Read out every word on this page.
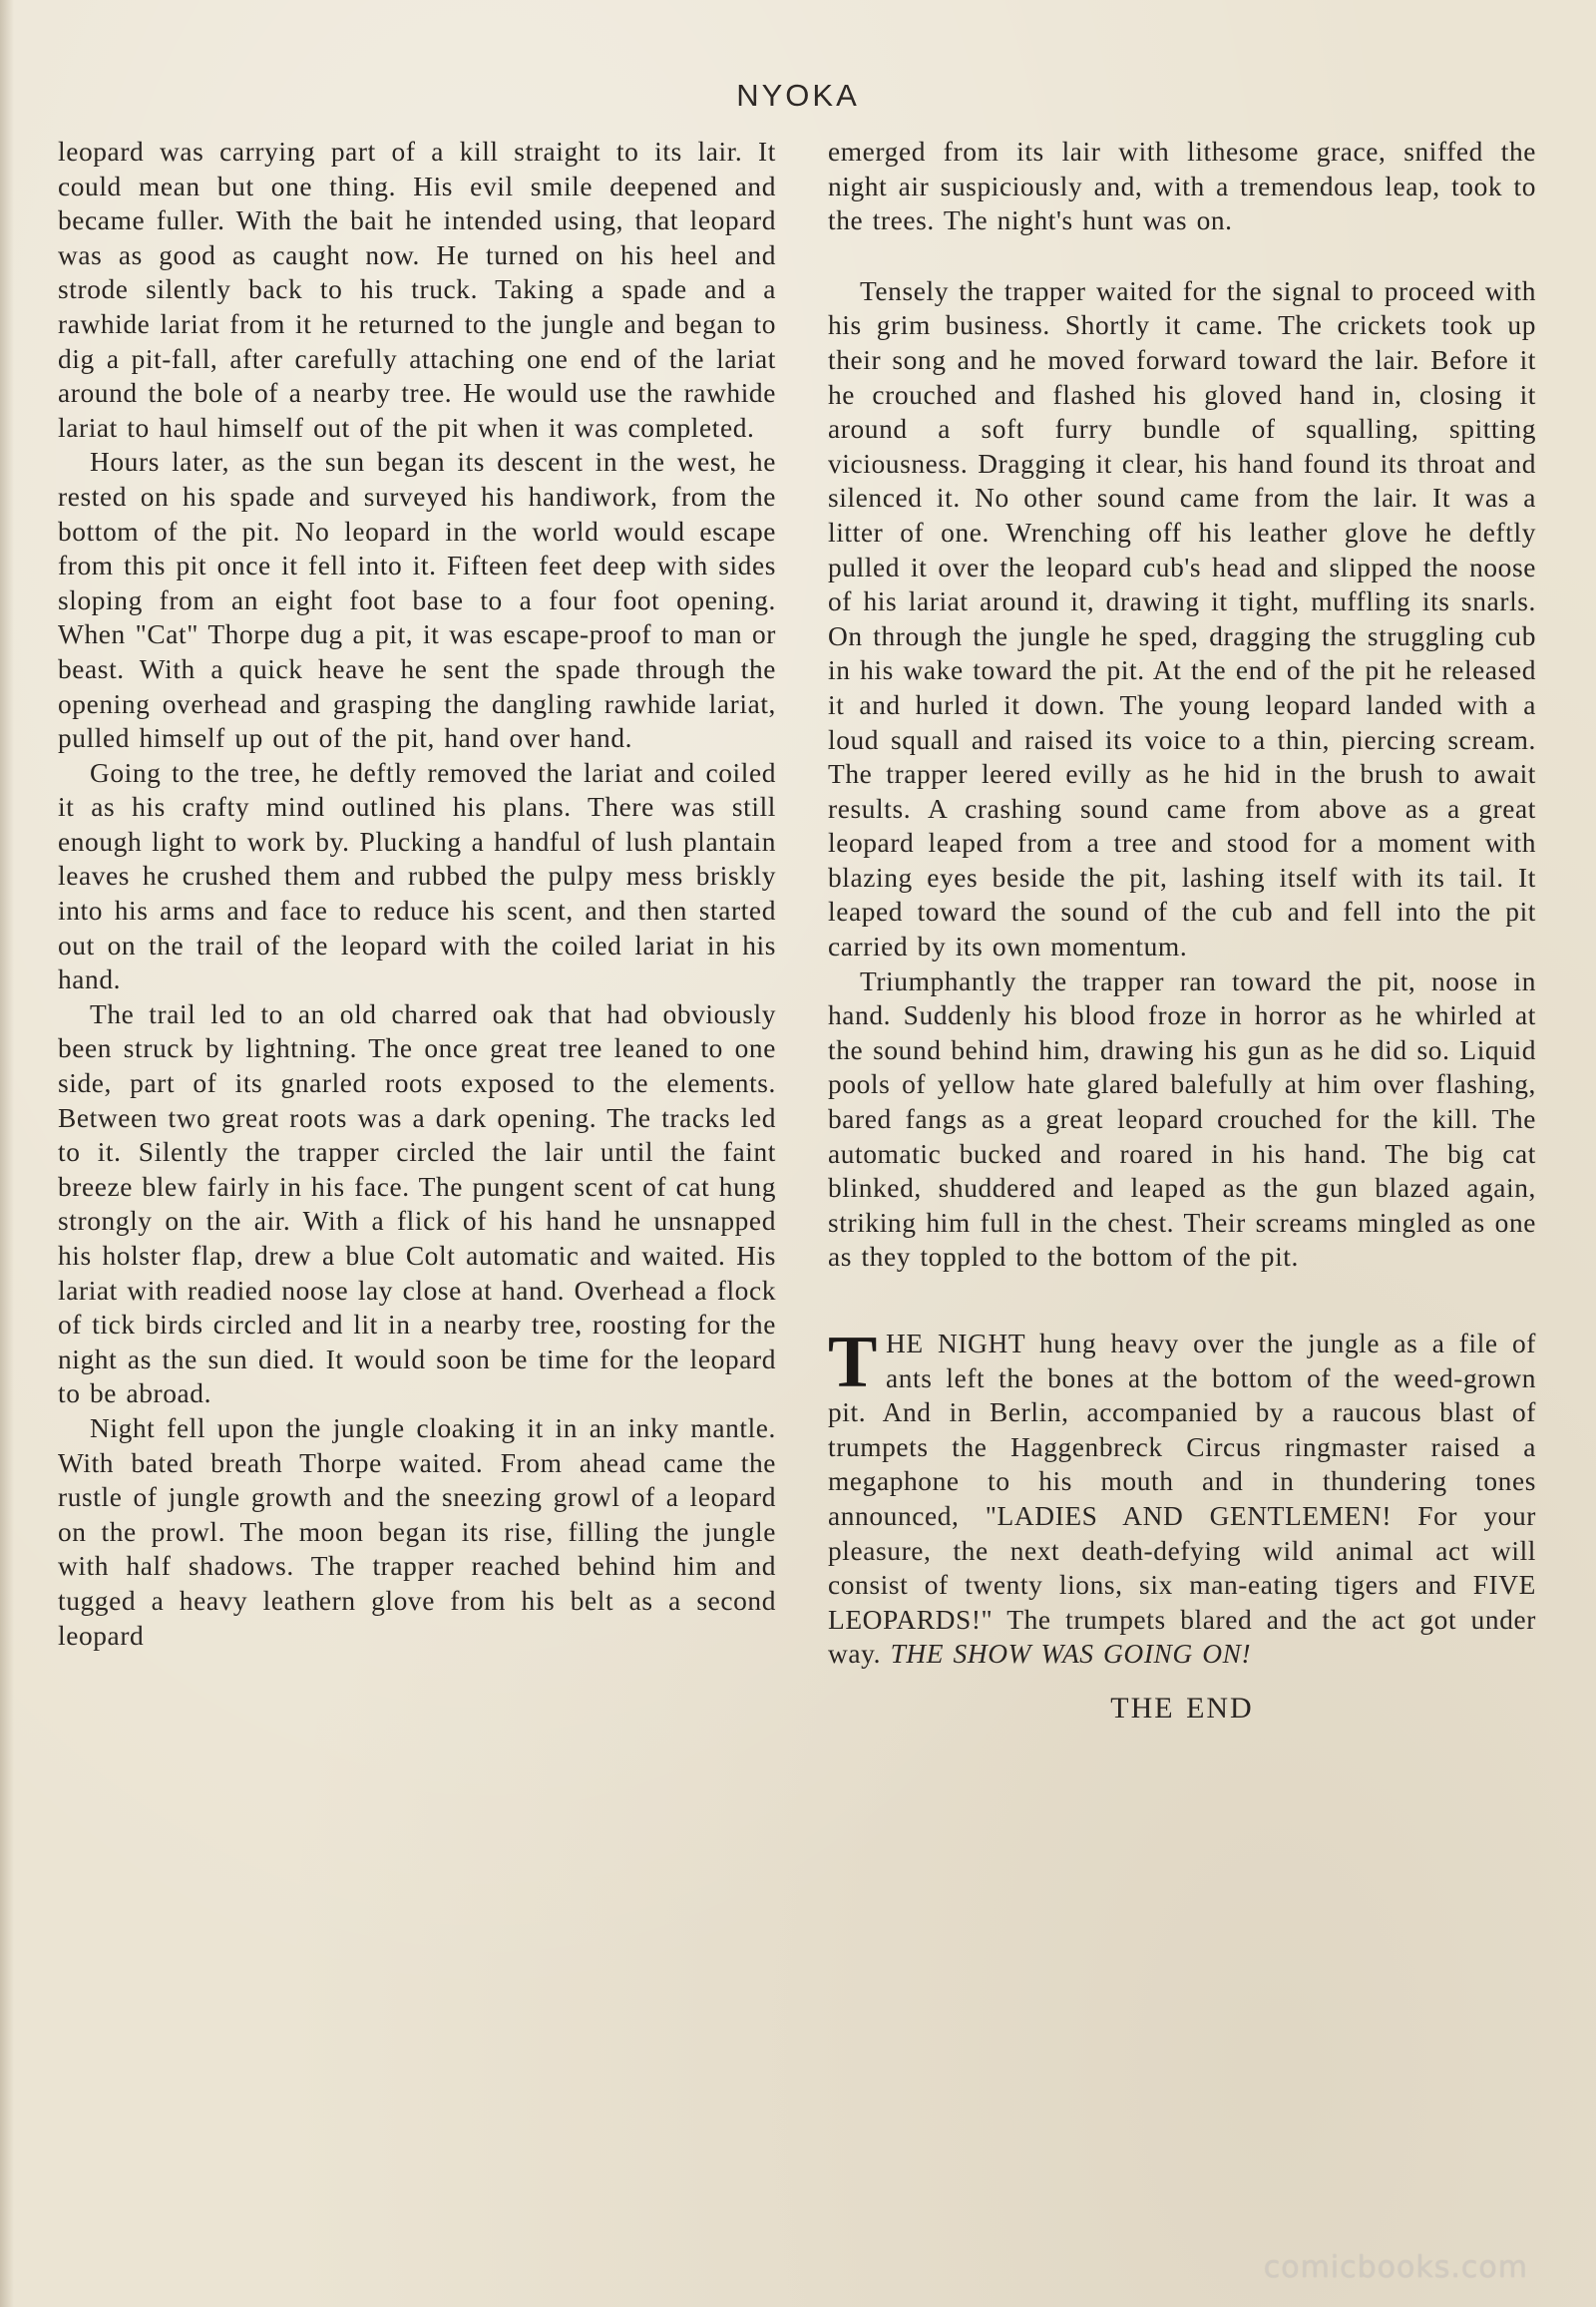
NYOKA

leopard was carrying part of a kill straight to its lair. It could mean but one thing. His evil smile deepened and became fuller. With the bait he intended using, that leopard was as good as caught now. He turned on his heel and strode silently back to his truck. Taking a spade and a rawhide lariat from it he returned to the jungle and began to dig a pit-fall, after carefully attaching one end of the lariat around the bole of a nearby tree. He would use the rawhide lariat to haul himself out of the pit when it was completed.

Hours later, as the sun began its descent in the west, he rested on his spade and surveyed his handiwork, from the bottom of the pit. No leopard in the world would escape from this pit once it fell into it. Fifteen feet deep with sides sloping from an eight foot base to a four foot opening. When "Cat" Thorpe dug a pit, it was escape-proof to man or beast. With a quick heave he sent the spade through the opening overhead and grasping the dangling rawhide lariat, pulled himself up out of the pit, hand over hand.

Going to the tree, he deftly removed the lariat and coiled it as his crafty mind outlined his plans. There was still enough light to work by. Plucking a handful of lush plantain leaves he crushed them and rubbed the pulpy mess briskly into his arms and face to reduce his scent, and then started out on the trail of the leopard with the coiled lariat in his hand.

The trail led to an old charred oak that had obviously been struck by lightning. The once great tree leaned to one side, part of its gnarled roots exposed to the elements. Between two great roots was a dark opening. The tracks led to it. Silently the trapper circled the lair until the faint breeze blew fairly in his face. The pungent scent of cat hung strongly on the air. With a flick of his hand he unsnapped his holster flap, drew a blue Colt automatic and waited. His lariat with readied noose lay close at hand. Overhead a flock of tick birds circled and lit in a nearby tree, roosting for the night as the sun died. It would soon be time for the leopard to be abroad.

Night fell upon the jungle cloaking it in an inky mantle. With bated breath Thorpe waited. From ahead came the rustle of jungle growth and the sneezing growl of a leopard on the prowl. The moon began its rise, filling the jungle with half shadows. The trapper reached behind him and tugged a heavy leathern glove from his belt as a second leopard

emerged from its lair with lithesome grace, sniffed the night air suspiciously and, with a tremendous leap, took to the trees. The night's hunt was on.

Tensely the trapper waited for the signal to proceed with his grim business. Shortly it came. The crickets took up their song and he moved forward toward the lair. Before it he crouched and flashed his gloved hand in, closing it around a soft furry bundle of squalling, spitting viciousness. Dragging it clear, his hand found its throat and silenced it. No other sound came from the lair. It was a litter of one. Wrenching off his leather glove he deftly pulled it over the leopard cub's head and slipped the noose of his lariat around it, drawing it tight, muffling its snarls. On through the jungle he sped, dragging the struggling cub in his wake toward the pit. At the end of the pit he released it and hurled it down. The young leopard landed with a loud squall and raised its voice to a thin, piercing scream. The trapper leered evilly as he hid in the brush to await results. A crashing sound came from above as a great leopard leaped from a tree and stood for a moment with blazing eyes beside the pit, lashing itself with its tail. It leaped toward the sound of the cub and fell into the pit carried by its own momentum.

Triumphantly the trapper ran toward the pit, noose in hand. Suddenly his blood froze in horror as he whirled at the sound behind him, drawing his gun as he did so. Liquid pools of yellow hate glared balefully at him over flashing, bared fangs as a great leopard crouched for the kill. The automatic bucked and roared in his hand. The big cat blinked, shuddered and leaped as the gun blazed again, striking him full in the chest. Their screams mingled as one as they toppled to the bottom of the pit.

THE NIGHT hung heavy over the jungle as a file of ants left the bones at the bottom of the weed-grown pit. And in Berlin, accompanied by a raucous blast of trumpets the Haggenbreck Circus ringmaster raised a megaphone to his mouth and in thundering tones announced, "LADIES AND GENTLEMEN! For your pleasure, the next death-defying wild animal act will consist of twenty lions, six man-eating tigers and FIVE LEOPARDS!" The trumpets blared and the act got under way. THE SHOW WAS GOING ON!

THE END
comicbooks.com
